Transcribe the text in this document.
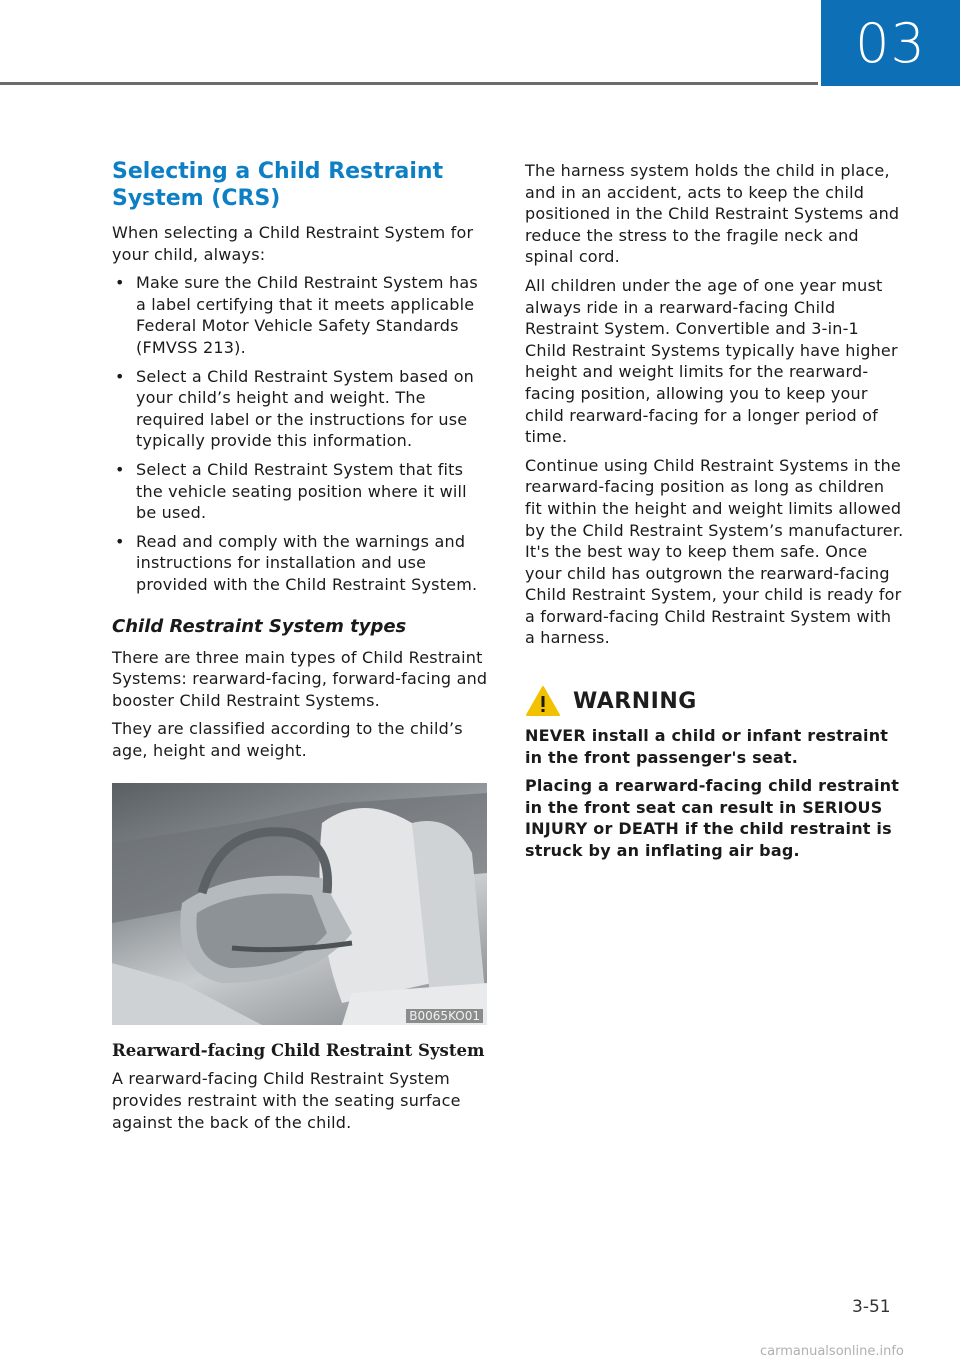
03
Selecting a Child Restraint System (CRS)

When selecting a Child Restraint System for your child, always:

• Make sure the Child Restraint System has a label certifying that it meets applicable Federal Motor Vehicle Safety Standards (FMVSS 213).
• Select a Child Restraint System based on your child’s height and weight. The required label or the instructions for use typically provide this information.
• Select a Child Restraint System that fits the vehicle seating position where it will be used.
• Read and comply with the warnings and instructions for installation and use provided with the Child Restraint System.
Child Restraint System types

There are three main types of Child Restraint Systems: rearward-facing, forward-facing and booster Child Restraint Systems.

They are classified according to the child’s age, height and weight.

B0065KO01
Rearward-facing Child Restraint System

A rearward-facing Child Restraint System provides restraint with the seating surface against the back of the child.

The harness system holds the child in place, and in an accident, acts to keep the child positioned in the Child Restraint Systems and reduce the stress to the fragile neck and spinal cord.

All children under the age of one year must always ride in a rearward-facing Child Restraint System. Convertible and 3-in-1 Child Restraint Systems typically have higher height and weight limits for the rearward-facing position, allowing you to keep your child rearward-facing for a longer period of time.

Continue using Child Restraint Systems in the rearward-facing position as long as children fit within the height and weight limits allowed by the Child Restraint System’s manufacturer. It's the best way to keep them safe. Once your child has outgrown the rearward-facing Child Restraint System, your child is ready for a forward-facing Child Restraint System with a harness.

WARNING

NEVER install a child or infant restraint in the front passenger's seat.

Placing a rearward-facing child restraint in the front seat can result in SERIOUS INJURY or DEATH if the child restraint is struck by an inflating air bag.

3-51
carmanualsonline.info
